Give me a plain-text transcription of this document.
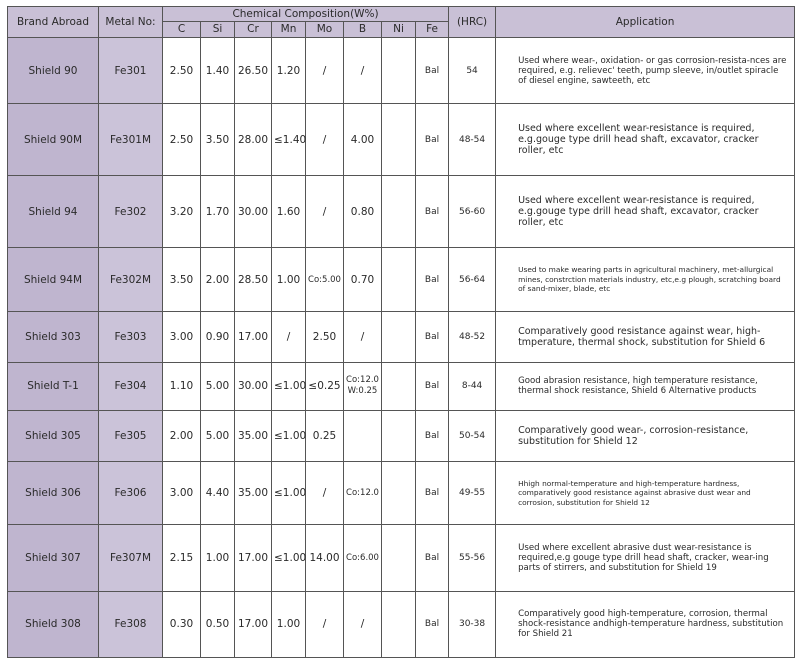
Brand Abroad	Metal No:	Chemical Composition(W%)								(HRC)	Application
		C	Si	Cr	Mn	Mo	B	Ni	Fe		
Shield 90	Fe301	2.50	1.40	26.50	1.20	/	/		Bal	54	Used where wear-, oxidation- or gas corrosion-resista-nces are required, e.g. relievec' teeth, pump sleeve, in/outlet spiracle of diesel engine, sawteeth, etc
Shield 90M	Fe301M	2.50	3.50	28.00	≤1.40	/	4.00		Bal	48-54	Used where excellent wear-resistance is required, e.g.gouge type drill head shaft, excavator, cracker roller, etc
Shield 94	Fe302	3.20	1.70	30.00	1.60	/	0.80		Bal	56-60	Used where excellent wear-resistance is required, e.g.gouge type drill head shaft, excavator, cracker roller, etc
Shield 94M	Fe302M	3.50	2.00	28.50	1.00	Co:5.00	0.70		Bal	56-64	Used to make wearing parts in agricultural machinery, met-allurgical mines, constrction materials industry, etc,e.g plough, scratching board of sand-mixer, blade, etc
Shield 303	Fe303	3.00	0.90	17.00	/	2.50	/		Bal	48-52	Comparatively good resistance against wear, high-tmperature, thermal shock, substitution for Shield 6
Shield T-1	Fe304	1.10	5.00	30.00	≤1.00	≤0.25	Co:12.0
W:0.25		Bal	8-44	Good abrasion resistance, high temperature resistance, thermal shock resistance, Shield 6 Alternative products
Shield 305	Fe305	2.00	5.00	35.00	≤1.00	0.25			Bal	50-54	Comparatively good wear-, corrosion-resistance, substitution for Shield 12
Shield 306	Fe306	3.00	4.40	35.00	≤1.00	/	Co:12.0		Bal	49-55	Hhigh normal-temperature and high-temperature hardness, comparatively good resistance against abrasive dust wear and corrosion, substitution for Shield 12
Shield 307	Fe307M	2.15	1.00	17.00	≤1.00	14.00	Co:6.00		Bal	55-56	Used where excellent abrasive dust wear-resistance is required,e.g gouge type drill head shaft, cracker, wear-ing parts of stirrers, and substitution for Shield 19
Shield 308	Fe308	0.30	0.50	17.00	1.00	/	/		Bal	30-38	Comparatively good high-temperature, corrosion, thermal shock-resistance andhigh-temperature hardness, substitution for Shield 21
